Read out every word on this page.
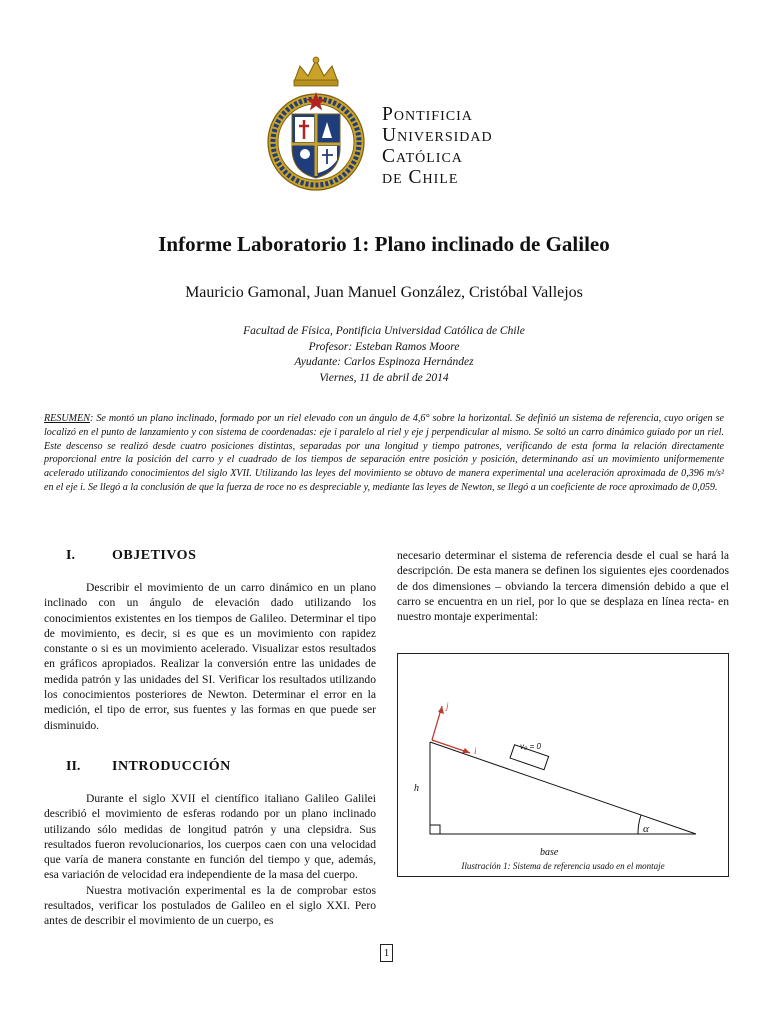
Pontificia
Universidad
Católica
de Chile
Informe Laboratorio 1: Plano inclinado de Galileo
Mauricio Gamonal, Juan Manuel González, Cristóbal Vallejos
Facultad de Física, Pontificia Universidad Católica de Chile
Profesor: Esteban Ramos Moore
Ayudante: Carlos Espinoza Hernández
Viernes, 11 de abril de 2014
RESUMEN: Se montó un plano inclinado, formado por un riel elevado con un ángulo de 4,6° sobre la horizontal. Se definió un sistema de referencia, cuyo origen se localizó en el punto de lanzamiento y con sistema de coordenadas: eje i paralelo al riel y eje j perpendicular al mismo. Se soltó un carro dinámico guiado por un riel. Este descenso se realizó desde cuatro posiciones distintas, separadas por una longitud y tiempo patrones, verificando de esta forma la relación directamente proporcional entre la posición del carro y el cuadrado de los tiempos de separación entre posición y posición, determinando así un movimiento uniformemente acelerado utilizando conocimientos del siglo XVII. Utilizando las leyes del movimiento se obtuvo de manera experimental una aceleración aproximada de 0,396 m/s² en el eje i. Se llegó a la conclusión de que la fuerza de roce no es despreciable y, mediante las leyes de Newton, se llegó a un coeficiente de roce aproximado de 0,059.
I.	OBJETIVOS

Describir el movimiento de un carro dinámico en un plano inclinado con un ángulo de elevación dado utilizando los conocimientos existentes en los tiempos de Galileo. Determinar el tipo de movimiento, es decir, si es que es un movimiento con rapidez constante o si es un movimiento acelerado. Visualizar estos resultados en gráficos apropiados. Realizar la conversión entre las unidades de medida patrón y las unidades del SI. Verificar los resultados utilizando los conocimientos posteriores de Newton. Determinar el error en la medición, el tipo de error, sus fuentes y las formas en que puede ser disminuido.

II. INTRODUCCIÓN

Durante el siglo XVII el científico italiano Galileo Galilei describió el movimiento de esferas rodando por un plano inclinado utilizando sólo medidas de longitud patrón y una clepsidra. Sus resultados fueron revolucionarios, los cuerpos caen con una velocidad que varía de manera constante en función del tiempo y que, además, esa variación de velocidad era independiente de la masa del cuerpo.

Nuestra motivación experimental es la de comprobar estos resultados, verificar los postulados de Galileo en el siglo XXI. Pero antes de describir el movimiento de un cuerpo, es

necesario determinar el sistema de referencia desde el cual se hará la descripción. De esta manera se definen los siguientes ejes coordenados de dos dimensiones – obviando la tercera dimensión debido a que el carro se encuentra en un riel, por lo que se desplaza en línea recta- en nuestro montaje experimental:

i
j
v₀ = 0
h
base
α
Ilustración 1: Sistema de referencia usado en el montaje
1
